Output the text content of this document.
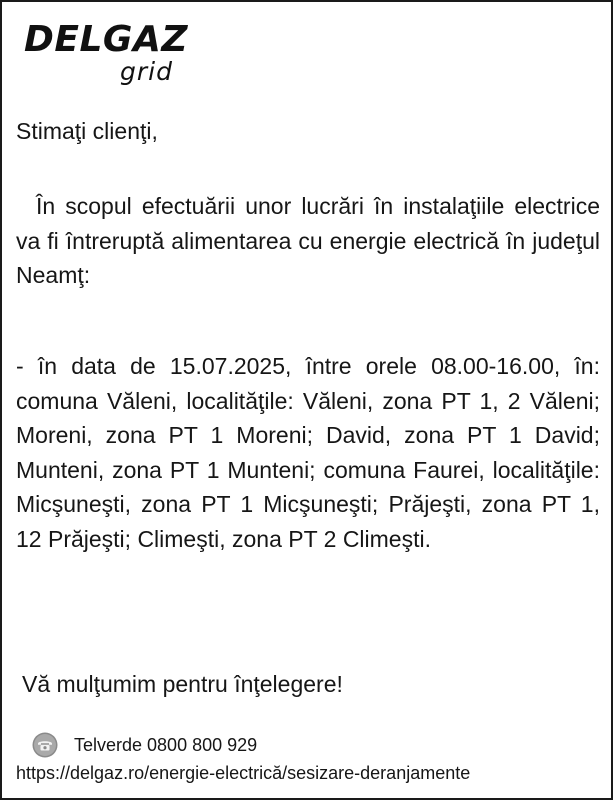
DELGAZ
grid

Stimaţi clienţi,

În scopul efectuării unor lucrări în instalaţiile electrice va fi întreruptă alimentarea cu energie electrică în judeţul Neamţ:

- în data de 15.07.2025, între orele 08.00-16.00, în: comuna Văleni, localităţile: Văleni, zona PT 1, 2 Văleni; Moreni, zona PT 1 Moreni; David, zona PT 1 David; Munteni, zona PT 1 Munteni; comuna Faurei, localităţile: Micşuneşti, zona PT 1 Micşuneşti; Prăjeşti, zona PT 1, 12 Prăjeşti; Climeşti, zona PT 2 Climeşti.

Vă mulţumim pentru înţelegere!

Telverde 0800 800 929
https://delgaz.ro/energie-electrică/sesizare-deranjamente
